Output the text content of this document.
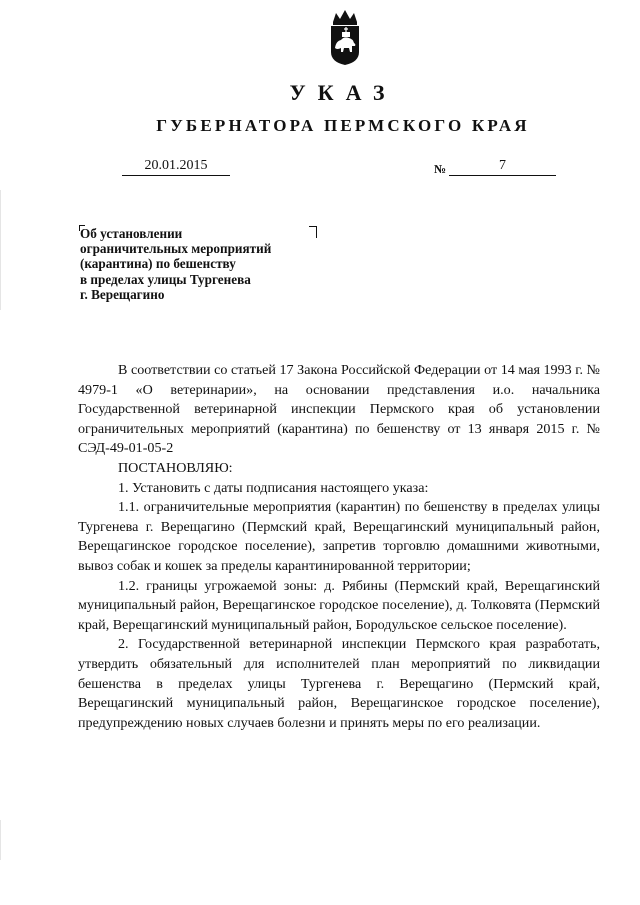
УКАЗ
ГУБЕРНАТОРА ПЕРМСКОГО КРАЯ
20.01.2015	№	7
Об установлении
ограничительных мероприятий
(карантина) по бешенству
в пределах улицы Тургенева
г. Верещагино

В соответствии со статьей 17 Закона Российской Федерации от 14 мая 1993 г. № 4979-1 «О ветеринарии», на основании представления и.о. начальника Государственной ветеринарной инспекции Пермского края об установлении ограничительных мероприятий (карантина) по бешенству от 13 января 2015 г. № СЭД-49-01-05-2

ПОСТАНОВЛЯЮ:

1. Установить с даты подписания настоящего указа:

1.1. ограничительные мероприятия (карантин) по бешенству в пределах улицы Тургенева г. Верещагино (Пермский край, Верещагинский муниципальный район, Верещагинское городское поселение), запретив торговлю домашними животными, вывоз собак и кошек за пределы карантинированной территории;

1.2. границы угрожаемой зоны: д. Рябины (Пермский край, Верещагинский муниципальный район, Верещагинское городское поселение), д. Толковята (Пермский край, Верещагинский муниципальный район, Бородульское сельское поселение).

2. Государственной ветеринарной инспекции Пермского края разработать, утвердить обязательный для исполнителей план мероприятий по ликвидации бешенства в пределах улицы Тургенева г. Верещагино (Пермский край, Верещагинский муниципальный район, Верещагинское городское поселение), предупреждению новых случаев болезни и принять меры по его реализации.
